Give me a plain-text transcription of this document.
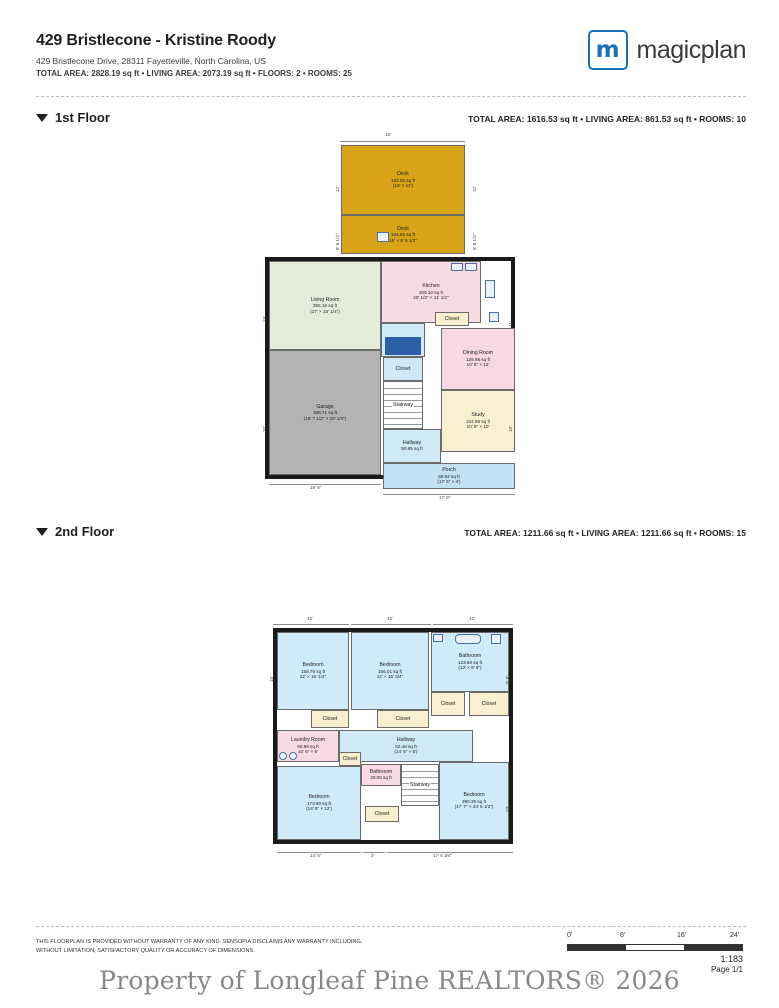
429 Bristlecone - Kristine Roody
429 Bristlecone Drive, 28311 Fayetteville, North Carolina, US
TOTAL AREA: 2828.19 sq ft • LIVING AREA: 2073.19 sq ft • FLOORS: 2 • ROOMS: 25
m magicplan
1st Floor	TOTAL AREA: 1616.53 sq ft • LIVING AREA: 861.53 sq ft • ROOMS: 10
16'
Deck
192.00 sq ft
(16' × 12')
12'	12'
Deck
104.65 sq ft
16' × 6' 6 1/2"
6' 6 1/2"	6' 6 1/2"
Living Room
255.16 sq ft
(17' × 15' 1/4")
15'
Kitchen
209.10 sq ft
20' 1/2" × 11' 1/2"
Closet
11'
Dining Room
125.98 sq ft
10' 6" × 12'
Garage
388.71 sq ft
(19' 7 1/2" × 20' 1/4")
20'
Closet
Stairway
Study
104.95 sq ft
10' 6" × 10'	10'
Hallway
90.85 sq ft
Porch
69.92 sq ft
(17' 6" × 4')
19' 6"
17' 6"
2nd Floor	TOTAL AREA: 1211.66 sq ft • LIVING AREA: 1211.66 sq ft • ROOMS: 15
12'	12'	12'
Bedroom
158.76 sq ft
12' × 15' 1/4"
15'
Bedroom
156.01 sq ft
12' × 15' 3/4"
Bathroom
123.50 sq ft
(13' × 9' 6")
9' 6"
Closet	Closet
Closet	Closet
Laundry Room
60.98 sq ft
10' 6" × 6'
Hallway
62.48 sq ft
(14' 6" × 6')
Closet
Bathroom
40.00 sq ft
Stairway
Bedroom
173.80 sq ft
(14' 6" × 12')
Bedroom
290.39 sq ft
(17' 7" × 23' 6 1/2")	23'
Closet
14' 6"	3'	17' 6 3/4"
THIS FLOORPLAN IS PROVIDED WITHOUT WARRANTY OF ANY KIND. SENSOPIA DISCLAIMS ANY WARRANTY INCLUDING,
WITHOUT LIMITATION, SATISFACTORY QUALITY OR ACCURACY OF DIMENSIONS.
0'	8'	16'	24'
1:183
Page 1/1
Property of Longleaf Pine REALTORS® 2026
